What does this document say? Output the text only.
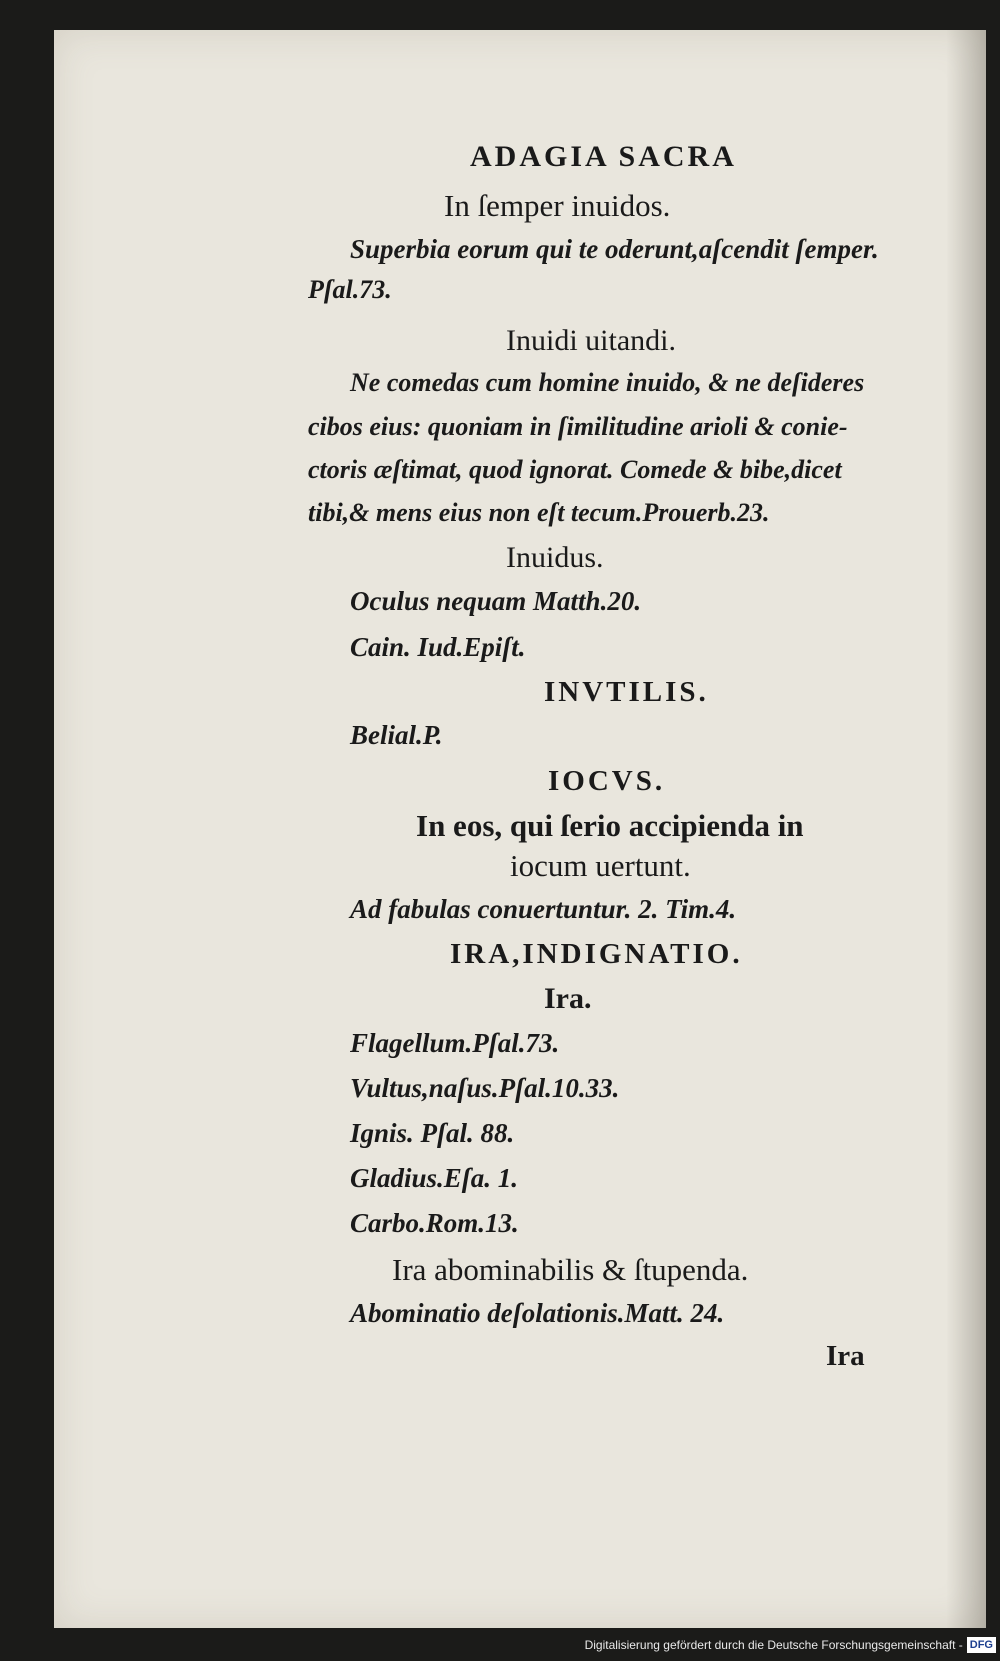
ADAGIA SACRA
In ſemper inuidos.
Superbia eorum qui te oderunt,aſcendit ſemper.
Pſal.73.
Inuidi uitandi.
Ne comedas cum homine inuido, & ne deſideres
cibos eius: quoniam in ſimilitudine arioli & conie-
ctoris æſtimat, quod ignorat. Comede & bibe,dicet
tibi,& mens eius non eſt tecum.Prouerb.23.
Inuidus.
Oculus nequam Matth.20.
Cain. Iud.Epiſt.
INVTILIS.
Belial.P.
IOCVS.
In eos, qui ſerio accipienda in
iocum uertunt.
Ad fabulas conuertuntur. 2. Tim.4.
IRA,INDIGNATIO.
Ira.
Flagellum.Pſal.73.
Vultus,naſus.Pſal.10.33.
Ignis. Pſal. 88.
Gladius.Eſa. 1.
Carbo.Rom.13.
Ira abominabilis & ſtupenda.
Abominatio deſolationis.Matt. 24.
Ira
Digitalisierung gefördert durch die Deutsche Forschungsgemeinschaft - DFG
